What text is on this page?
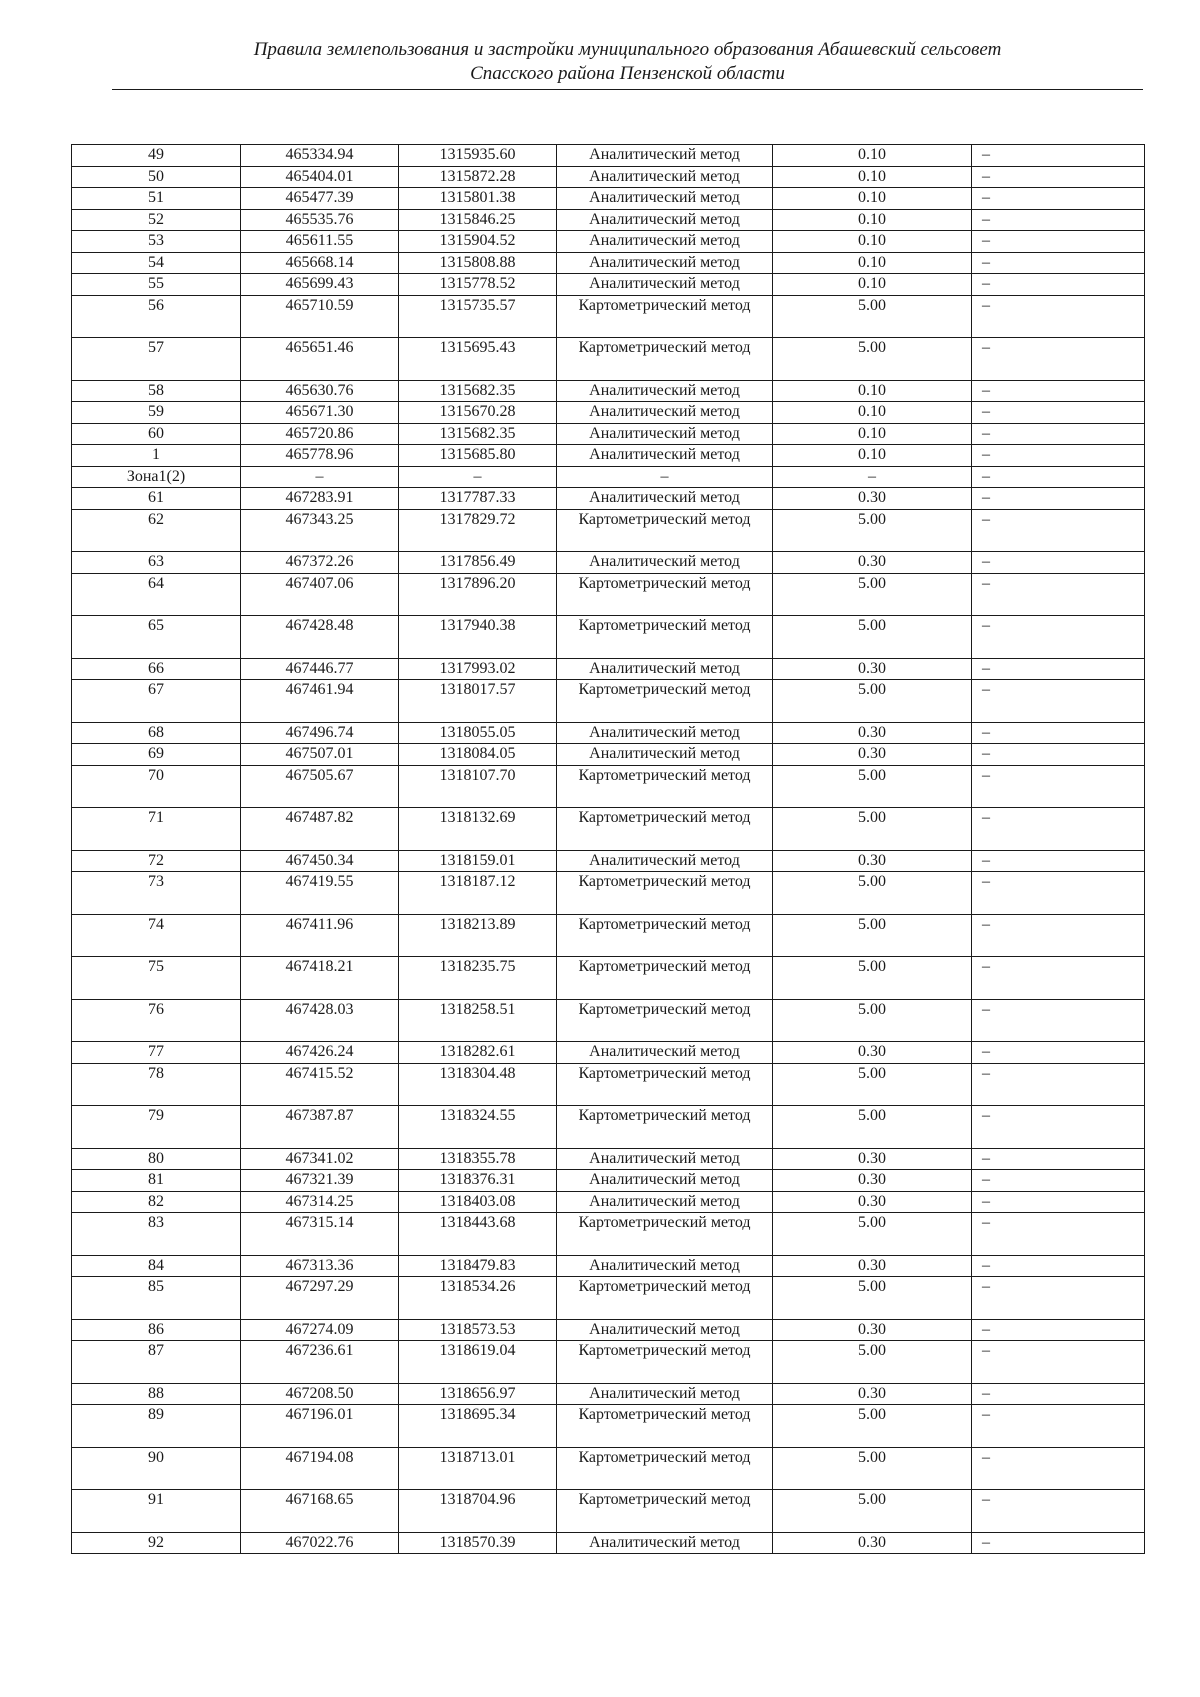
Правила землепользования и застройки муниципального образования Абашевский сельсовет
Спасского района Пензенской области
49	465334.94	1315935.60	Аналитический метод	0.10	–
50	465404.01	1315872.28	Аналитический метод	0.10	–
51	465477.39	1315801.38	Аналитический метод	0.10	–
52	465535.76	1315846.25	Аналитический метод	0.10	–
53	465611.55	1315904.52	Аналитический метод	0.10	–
54	465668.14	1315808.88	Аналитический метод	0.10	–
55	465699.43	1315778.52	Аналитический метод	0.10	–
56	465710.59	1315735.57	Картометрический метод	5.00	–
57	465651.46	1315695.43	Картометрический метод	5.00	–
58	465630.76	1315682.35	Аналитический метод	0.10	–
59	465671.30	1315670.28	Аналитический метод	0.10	–
60	465720.86	1315682.35	Аналитический метод	0.10	–
1	465778.96	1315685.80	Аналитический метод	0.10	–
Зона1(2)	–	–	–	–	–
61	467283.91	1317787.33	Аналитический метод	0.30	–
62	467343.25	1317829.72	Картометрический метод	5.00	–
63	467372.26	1317856.49	Аналитический метод	0.30	–
64	467407.06	1317896.20	Картометрический метод	5.00	–
65	467428.48	1317940.38	Картометрический метод	5.00	–
66	467446.77	1317993.02	Аналитический метод	0.30	–
67	467461.94	1318017.57	Картометрический метод	5.00	–
68	467496.74	1318055.05	Аналитический метод	0.30	–
69	467507.01	1318084.05	Аналитический метод	0.30	–
70	467505.67	1318107.70	Картометрический метод	5.00	–
71	467487.82	1318132.69	Картометрический метод	5.00	–
72	467450.34	1318159.01	Аналитический метод	0.30	–
73	467419.55	1318187.12	Картометрический метод	5.00	–
74	467411.96	1318213.89	Картометрический метод	5.00	–
75	467418.21	1318235.75	Картометрический метод	5.00	–
76	467428.03	1318258.51	Картометрический метод	5.00	–
77	467426.24	1318282.61	Аналитический метод	0.30	–
78	467415.52	1318304.48	Картометрический метод	5.00	–
79	467387.87	1318324.55	Картометрический метод	5.00	–
80	467341.02	1318355.78	Аналитический метод	0.30	–
81	467321.39	1318376.31	Аналитический метод	0.30	–
82	467314.25	1318403.08	Аналитический метод	0.30	–
83	467315.14	1318443.68	Картометрический метод	5.00	–
84	467313.36	1318479.83	Аналитический метод	0.30	–
85	467297.29	1318534.26	Картометрический метод	5.00	–
86	467274.09	1318573.53	Аналитический метод	0.30	–
87	467236.61	1318619.04	Картометрический метод	5.00	–
88	467208.50	1318656.97	Аналитический метод	0.30	–
89	467196.01	1318695.34	Картометрический метод	5.00	–
90	467194.08	1318713.01	Картометрический метод	5.00	–
91	467168.65	1318704.96	Картометрический метод	5.00	–
92	467022.76	1318570.39	Аналитический метод	0.30	–
